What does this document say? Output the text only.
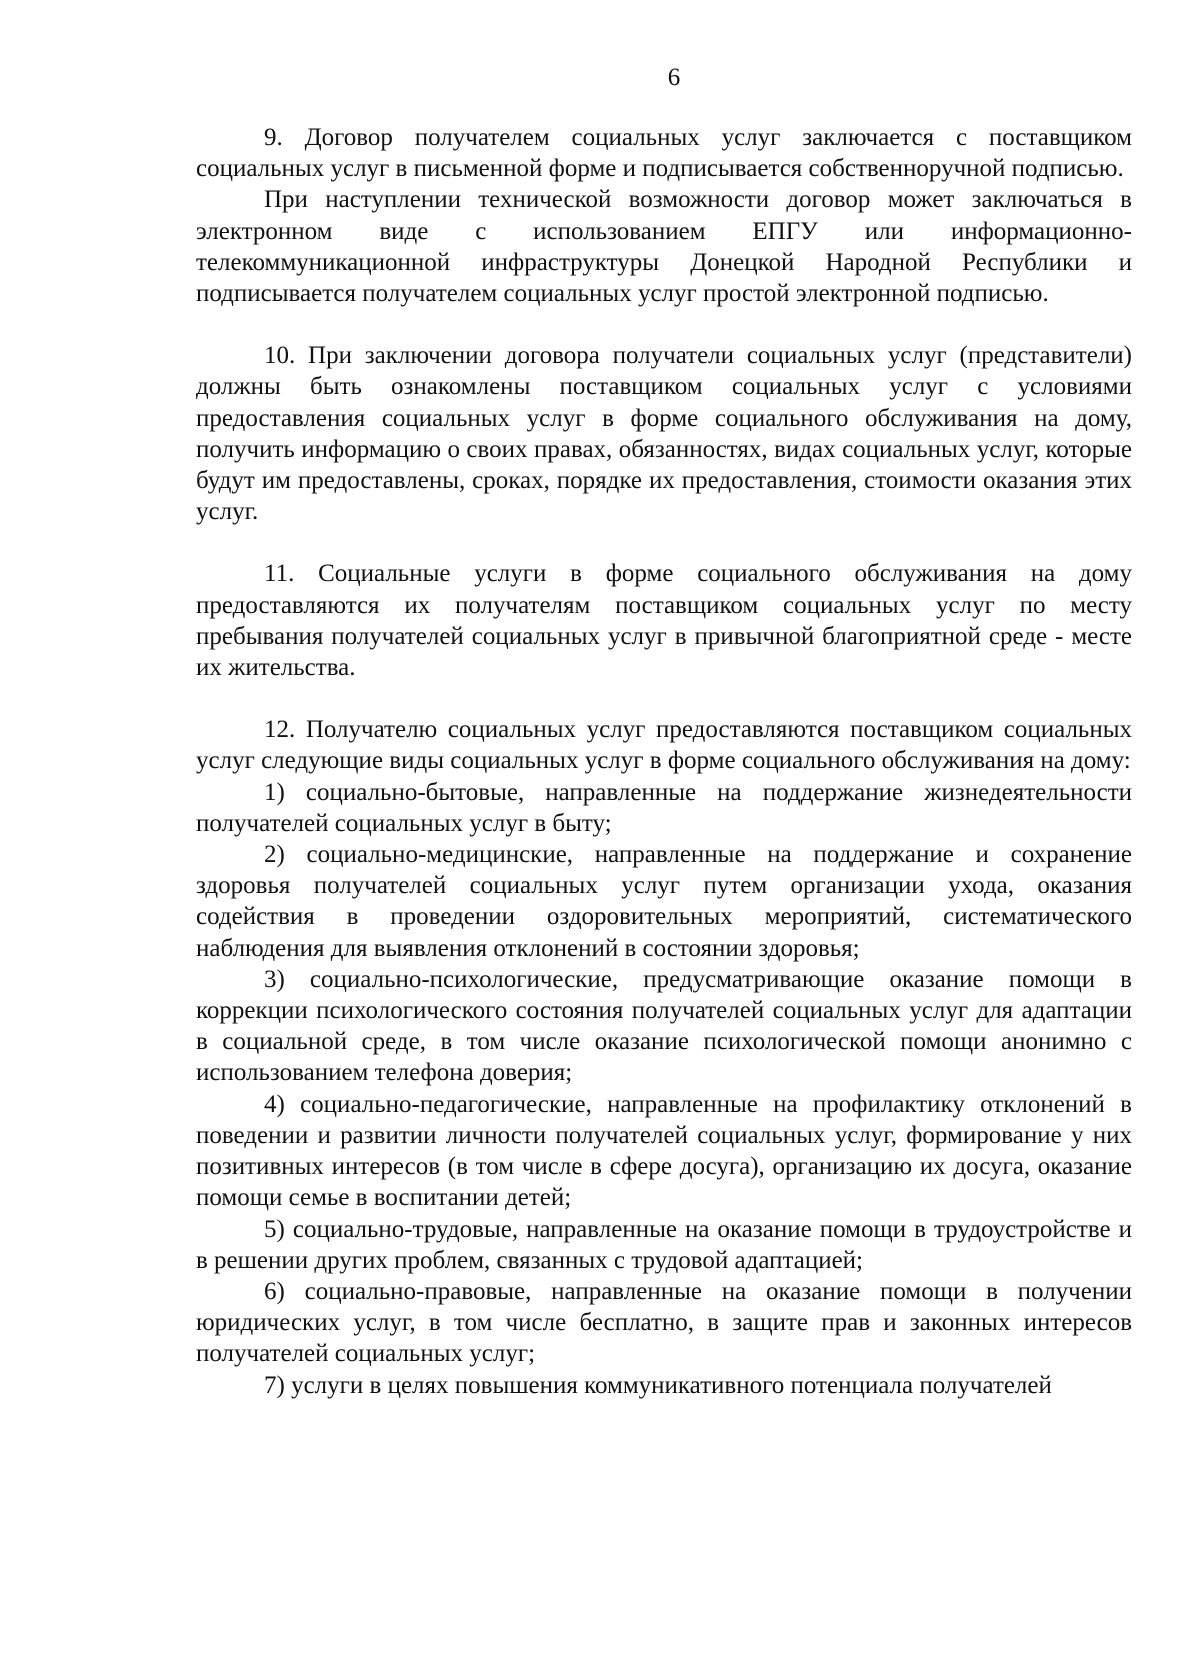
6

9. Договор получателем социальных услуг заключается с поставщиком социальных услуг в письменной форме и подписывается собственноручной подписью.

При наступлении технической возможности договор может заключаться в электронном виде с использованием ЕПГУ или информационно-телекоммуникационной инфраструктуры Донецкой Народной Республики и подписывается получателем социальных услуг простой электронной подписью.

10. При заключении договора получатели социальных услуг (представители) должны быть ознакомлены поставщиком социальных услуг с условиями предоставления социальных услуг в форме социального обслуживания на дому, получить информацию о своих правах, обязанностях, видах социальных услуг, которые будут им предоставлены, сроках, порядке их предоставления, стоимости оказания этих услуг.

11. Социальные услуги в форме социального обслуживания на дому предоставляются их получателям поставщиком социальных услуг по месту пребывания получателей социальных услуг в привычной благоприятной среде - месте их жительства.

12. Получателю социальных услуг предоставляются поставщиком социальных услуг следующие виды социальных услуг в форме социального обслуживания на дому:

1) социально-бытовые, направленные на поддержание жизнедеятельности получателей социальных услуг в быту;

2) социально-медицинские, направленные на поддержание и сохранение здоровья получателей социальных услуг путем организации ухода, оказания содействия в проведении оздоровительных мероприятий, систематического наблюдения для выявления отклонений в состоянии здоровья;

3) социально-психологические, предусматривающие оказание помощи в коррекции психологического состояния получателей социальных услуг для адаптации в социальной среде, в том числе оказание психологической помощи анонимно с использованием телефона доверия;

4) социально-педагогические, направленные на профилактику отклонений в поведении и развитии личности получателей социальных услуг, формирование у них позитивных интересов (в том числе в сфере досуга), организацию их досуга, оказание помощи семье в воспитании детей;

5) социально-трудовые, направленные на оказание помощи в трудоустройстве и в решении других проблем, связанных с трудовой адаптацией;

6) социально-правовые, направленные на оказание помощи в получении юридических услуг, в том числе бесплатно, в защите прав и законных интересов получателей социальных услуг;

7) услуги в целях повышения коммуникативного потенциала получателей
